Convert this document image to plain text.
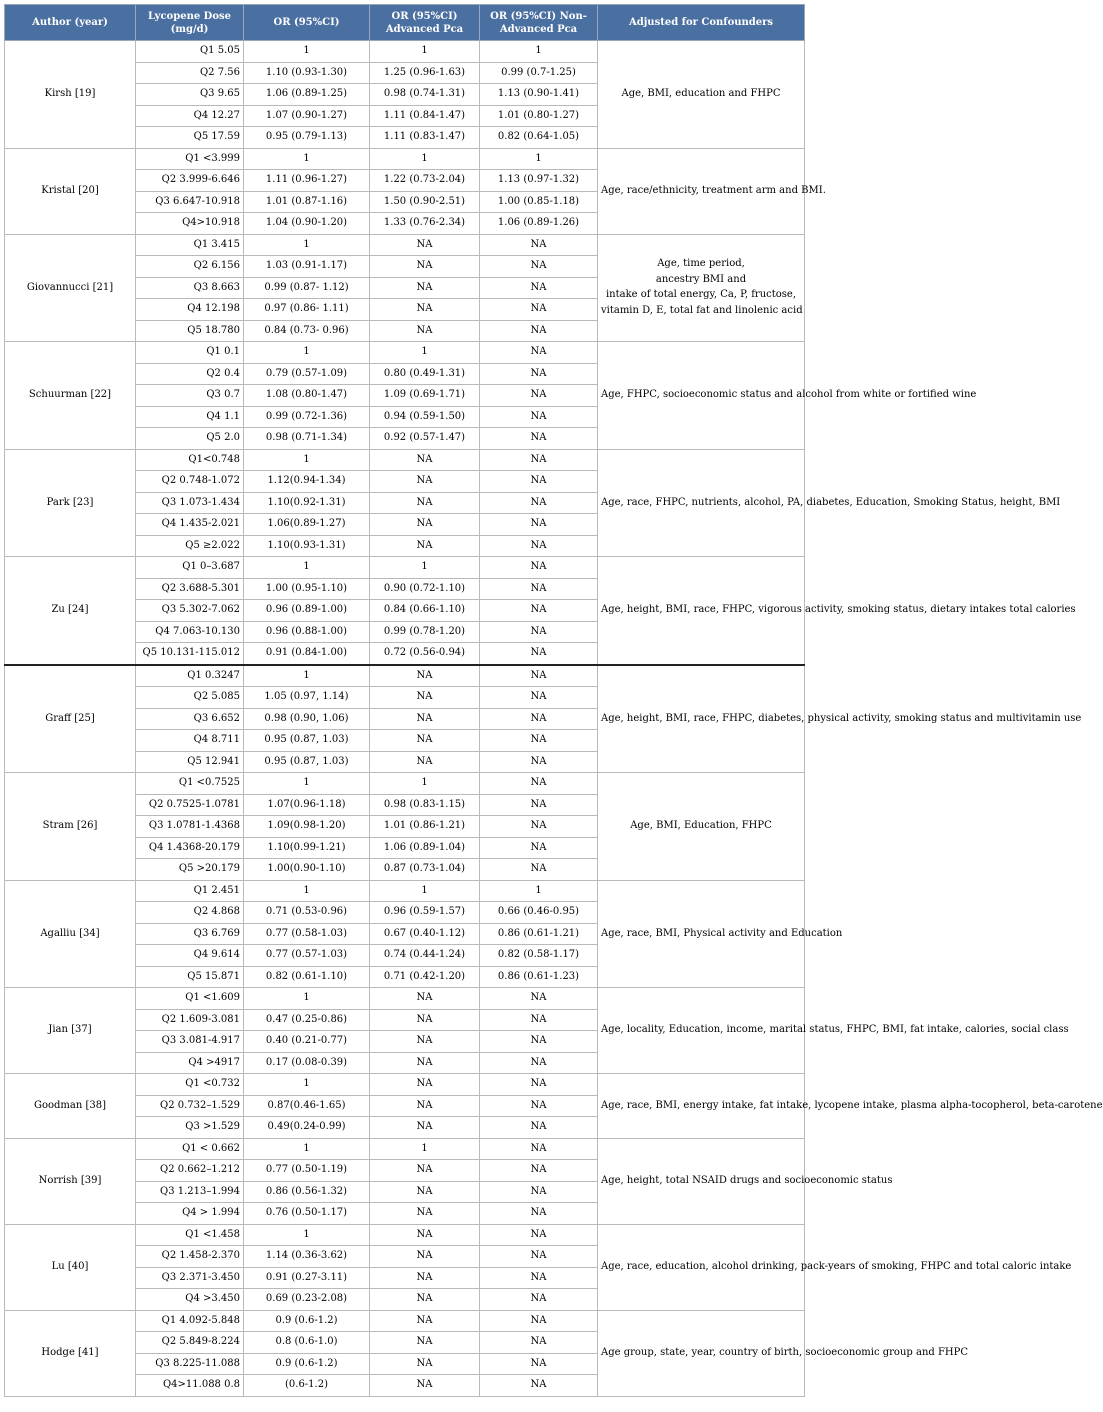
Author (year)	Lycopene Dose (mg/d)	OR (95%CI)	OR (95%CI) Advanced Pca	OR (95%CI) Non-Advanced Pca	Adjusted for Confounders
Kirsh [19]	Q1 5.05	1	1	1	Age, BMI, education and FHPC
	Q2 7.56	1.10 (0.93-1.30)	1.25 (0.96-1.63)	0.99 (0.7-1.25)	
	Q3 9.65	1.06 (0.89-1.25)	0.98 (0.74-1.31)	1.13 (0.90-1.41)	
	Q4 12.27	1.07 (0.90-1.27)	1.11 (0.84-1.47)	1.01 (0.80-1.27)	
	Q5 17.59	0.95 (0.79-1.13)	1.11 (0.83-1.47)	0.82 (0.64-1.05)	
Kristal [20]	Q1 <3.999	1	1	1	Age, race/ethnicity, treatment arm and BMI.
	Q2 3.999-6.646	1.11 (0.96-1.27)	1.22 (0.73-2.04)	1.13 (0.97-1.32)	
	Q3 6.647-10.918	1.01 (0.87-1.16)	1.50 (0.90-2.51)	1.00 (0.85-1.18)	
	Q4>10.918	1.04 (0.90-1.20)	1.33 (0.76-2.34)	1.06 (0.89-1.26)	
Giovannucci [21]	Q1 3.415	1	NA	NA	Age, time period,
ancestry BMI and
intake of total energy, Ca, P, fructose,
vitamin D, E, total fat and linolenic acid

	Q2 6.156	1.03 (0.91-1.17)	NA	NA	
	Q3 8.663	0.99 (0.87- 1.12)	NA	NA	
	Q4 12.198	0.97 (0.86- 1.11)	NA	NA	
	Q5 18.780	0.84 (0.73- 0.96)	NA	NA	
Schuurman [22]	Q1 0.1	1	1	NA	Age, FHPC, socioeconomic status and alcohol from white or fortified wine
	Q2 0.4	0.79 (0.57-1.09)	0.80 (0.49-1.31)	NA	
	Q3 0.7	1.08 (0.80-1.47)	1.09 (0.69-1.71)	NA	
	Q4 1.1	0.99 (0.72-1.36)	0.94 (0.59-1.50)	NA	
	Q5 2.0	0.98 (0.71-1.34)	0.92 (0.57-1.47)	NA	
Park [23]	Q1<0.748	1	NA	NA	Age, race, FHPC, nutrients, alcohol, PA, diabetes, Education, Smoking Status, height, BMI
	Q2 0.748-1.072	1.12(0.94-1.34)	NA	NA	
	Q3 1.073-1.434	1.10(0.92-1.31)	NA	NA	
	Q4 1.435-2.021	1.06(0.89-1.27)	NA	NA	
	Q5 ≥2.022	1.10(0.93-1.31)	NA	NA	
Zu [24]	Q1 0–3.687	1	1	NA	Age, height, BMI, race, FHPC, vigorous activity, smoking status, dietary intakes total calories
	Q2 3.688-5.301	1.00 (0.95-1.10)	0.90 (0.72-1.10)	NA	
	Q3 5.302-7.062	0.96 (0.89-1.00)	0.84 (0.66-1.10)	NA	
	Q4 7.063-10.130	0.96 (0.88-1.00)	0.99 (0.78-1.20)	NA	
	Q5 10.131-115.012	0.91 (0.84-1.00)	0.72 (0.56-0.94)	NA	
Graff [25]	Q1 0.3247	1	NA	NA	Age, height, BMI, race, FHPC, diabetes, physical activity, smoking status and multivitamin use
	Q2 5.085	1.05 (0.97, 1.14)	NA	NA	
	Q3 6.652	0.98 (0.90, 1.06)	NA	NA	
	Q4 8.711	0.95 (0.87, 1.03)	NA	NA	
	Q5 12.941	0.95 (0.87, 1.03)	NA	NA	
Stram [26]	Q1 <0.7525	1	1	NA	Age, BMI, Education, FHPC
	Q2 0.7525-1.0781	1.07(0.96-1.18)	0.98 (0.83-1.15)	NA	
	Q3 1.0781-1.4368	1.09(0.98-1.20)	1.01 (0.86-1.21)	NA	
	Q4 1.4368-20.179	1.10(0.99-1.21)	1.06 (0.89-1.04)	NA	
	Q5 >20.179	1.00(0.90-1.10)	0.87 (0.73-1.04)	NA	
Agalliu [34]	Q1 2.451	1	1	1	Age, race, BMI, Physical activity and Education
	Q2 4.868	0.71 (0.53-0.96)	0.96 (0.59-1.57)	0.66 (0.46-0.95)	
	Q3 6.769	0.77 (0.58-1.03)	0.67 (0.40-1.12)	0.86 (0.61-1.21)	
	Q4 9.614	0.77 (0.57-1.03)	0.74 (0.44-1.24)	0.82 (0.58-1.17)	
	Q5 15.871	0.82 (0.61-1.10)	0.71 (0.42-1.20)	0.86 (0.61-1.23)	
Jian [37]	Q1 <1.609	1	NA	NA	Age, locality, Education, income, marital status, FHPC, BMI, fat intake, calories, social class
	Q2 1.609-3.081	0.47 (0.25-0.86)	NA	NA	
	Q3 3.081-4.917	0.40 (0.21-0.77)	NA	NA	
	Q4 >4917	0.17 (0.08-0.39)	NA	NA	
Goodman [38]	Q1 <0.732	1	NA	NA	Age, race, BMI, energy intake, fat intake, lycopene intake, plasma alpha-tocopherol, beta-carotene
	Q2 0.732–1.529	0.87(0.46-1.65)	NA	NA	
	Q3 >1.529	0.49(0.24-0.99)	NA	NA	
Norrish [39]	Q1 < 0.662	1	1	NA	Age, height, total NSAID drugs and socioeconomic status
	Q2 0.662–1.212	0.77 (0.50-1.19)	NA	NA	
	Q3 1.213–1.994	0.86 (0.56-1.32)	NA	NA	
	Q4 > 1.994	0.76 (0.50-1.17)	NA	NA	
Lu [40]	Q1 <1.458	1	NA	NA	Age, race, education, alcohol drinking, pack-years of smoking, FHPC and total caloric intake
	Q2 1.458-2.370	1.14 (0.36-3.62)	NA	NA	
	Q3 2.371-3.450	0.91 (0.27-3.11)	NA	NA	
	Q4 >3.450	0.69 (0.23-2.08)	NA	NA	
Hodge [41]	Q1 4.092-5.848	0.9 (0.6-1.2)	NA	NA	Age group, state, year, country of birth, socioeconomic group and FHPC
	Q2 5.849-8.224	0.8 (0.6-1.0)	NA	NA	
	Q3 8.225-11.088	0.9 (0.6-1.2)	NA	NA	
	Q4>11.088 0.8	(0.6-1.2)	NA	NA	
